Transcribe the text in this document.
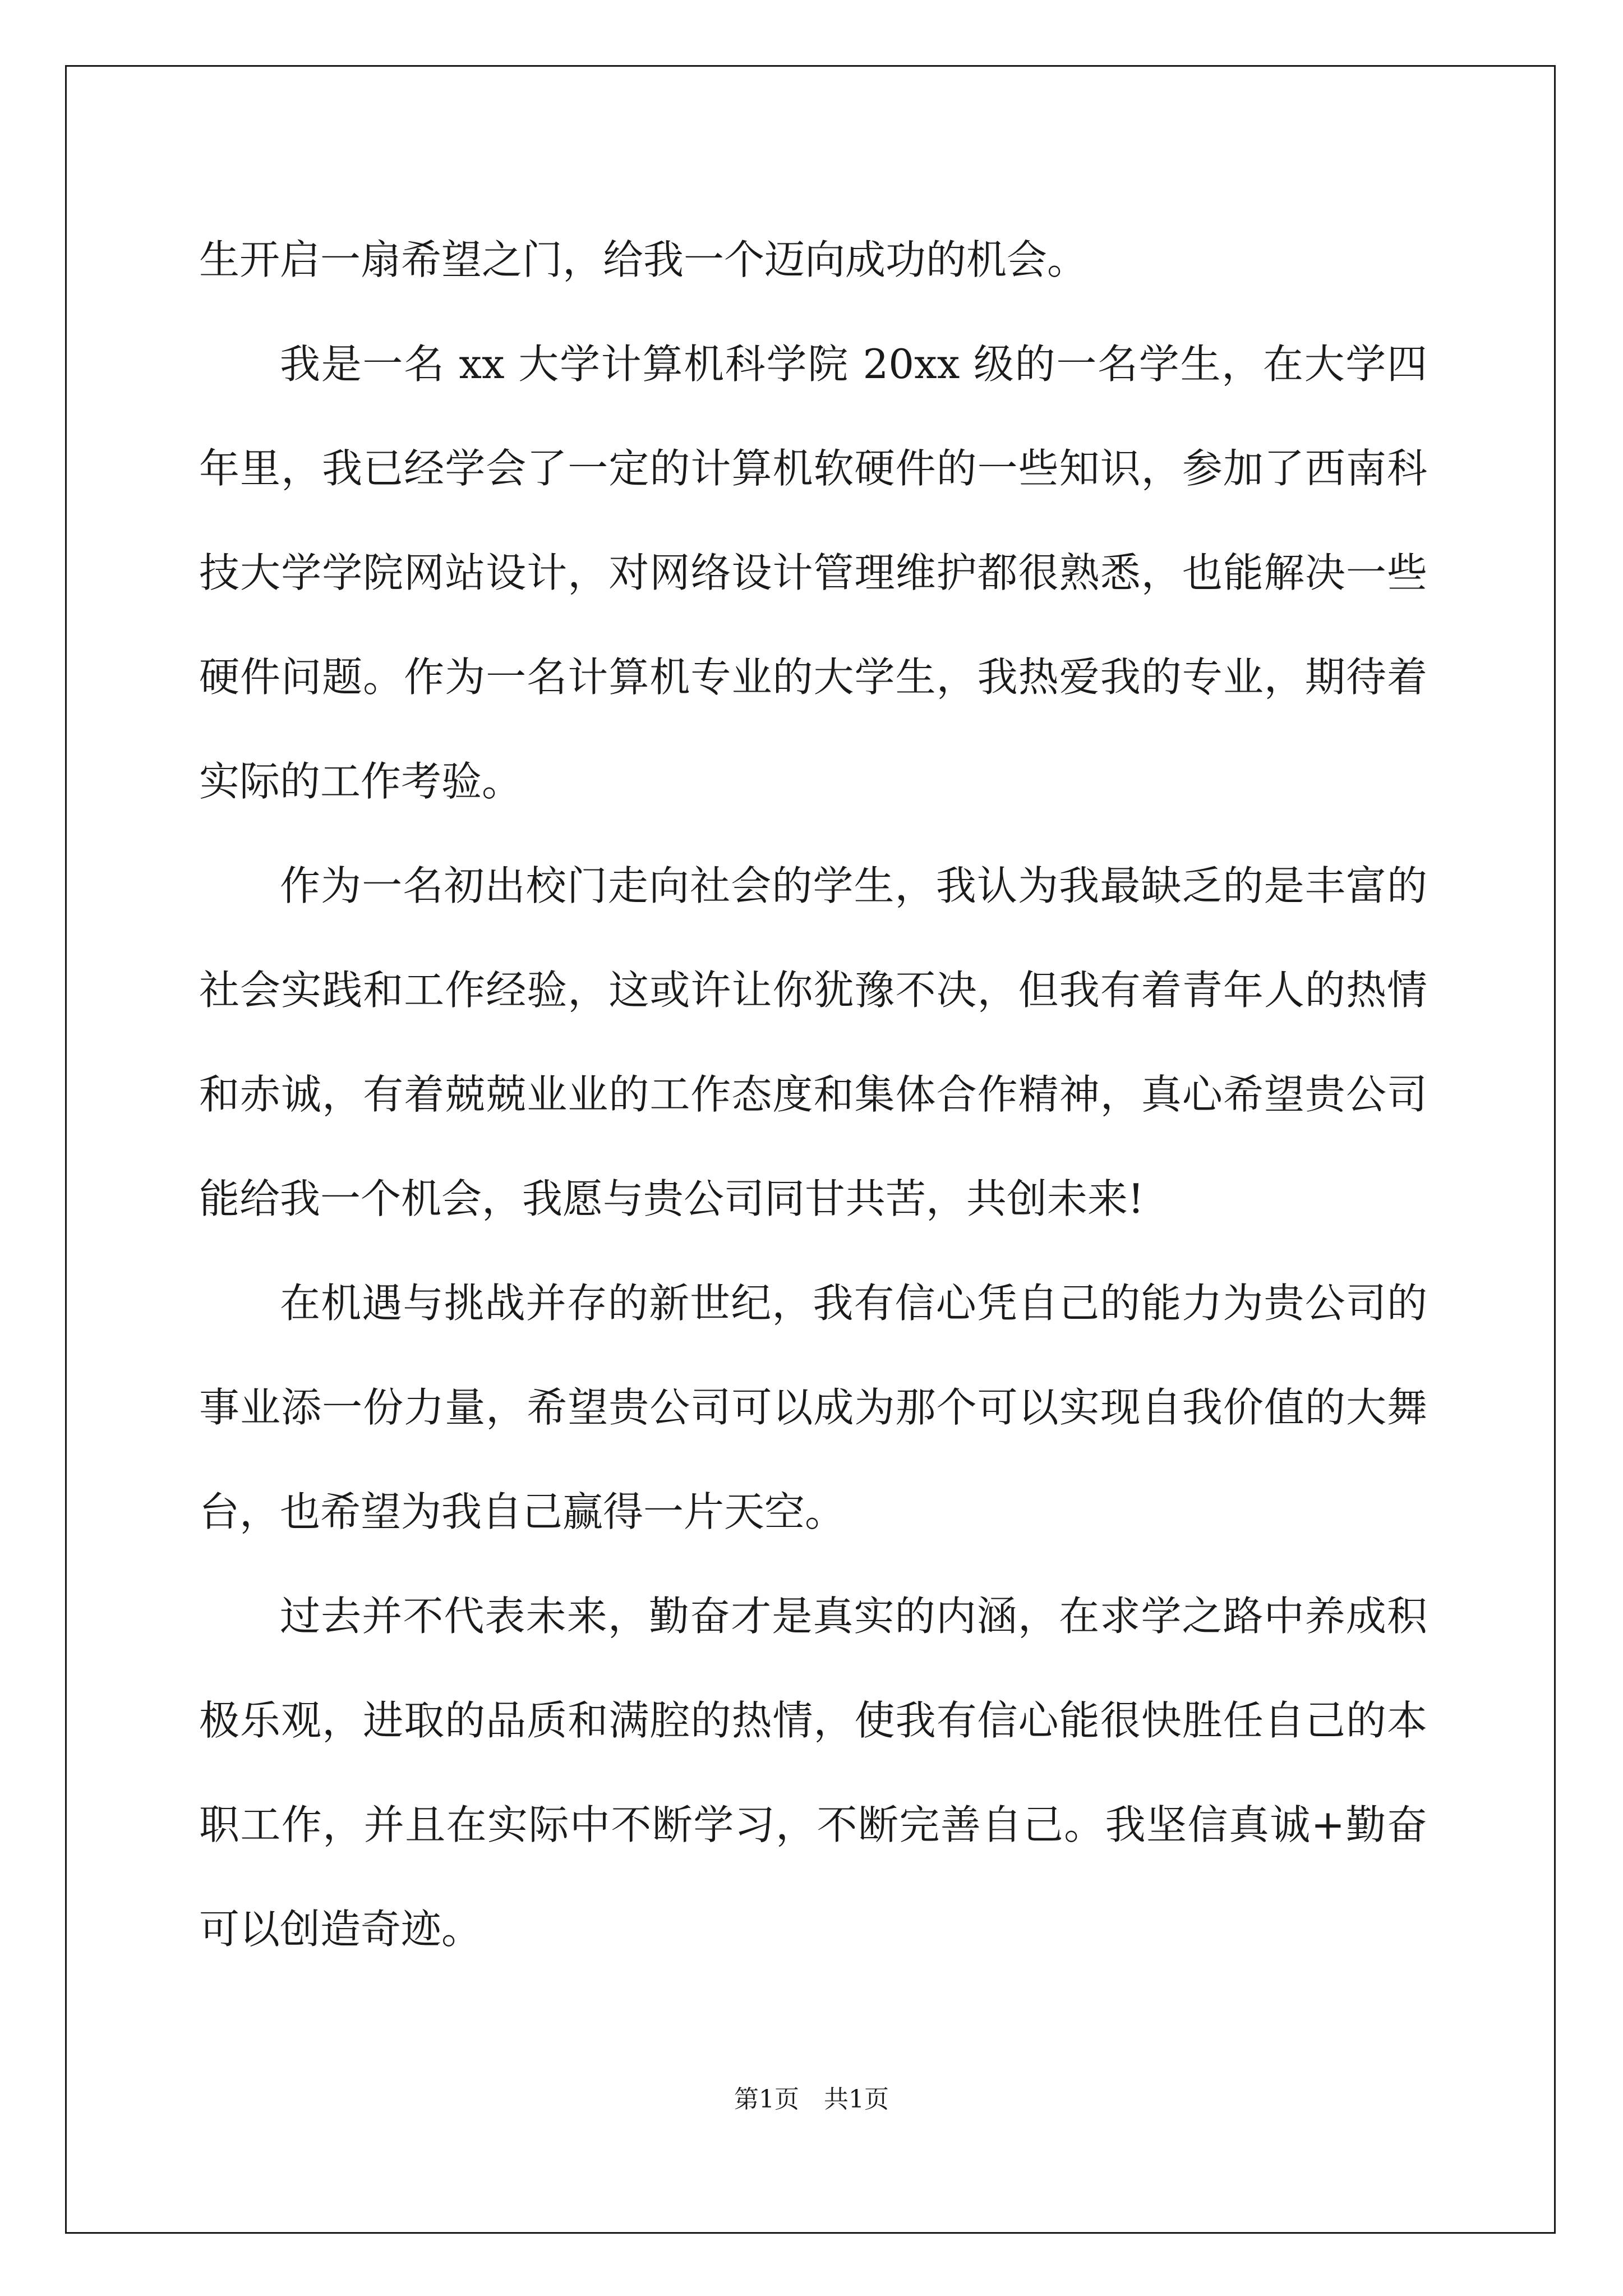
生开启一扇希望之门，给我一个迈向成功的机会。

我是一名 xx 大学计算机科学院 20xx 级的一名学生，在大学四年里，我已经学会了一定的计算机软硬件的一些知识，参加了西南科技大学学院网站设计，对网络设计管理维护都很熟悉，也能解决一些硬件问题。作为一名计算机专业的大学生，我热爱我的专业，期待着实际的工作考验。

作为一名初出校门走向社会的学生，我认为我最缺乏的是丰富的社会实践和工作经验，这或许让你犹豫不决，但我有着青年人的热情和赤诚，有着兢兢业业的工作态度和集体合作精神，真心希望贵公司能给我一个机会，我愿与贵公司同甘共苦，共创未来!

在机遇与挑战并存的新世纪，我有信心凭自己的能力为贵公司的事业添一份力量，希望贵公司可以成为那个可以实现自我价值的大舞台，也希望为我自己赢得一片天空。

过去并不代表未来，勤奋才是真实的内涵，在求学之路中养成积极乐观，进取的品质和满腔的热情，使我有信心能很快胜任自己的本职工作，并且在实际中不断学习，不断完善自己。我坚信真诚+勤奋可以创造奇迹。

第1页　共1页
